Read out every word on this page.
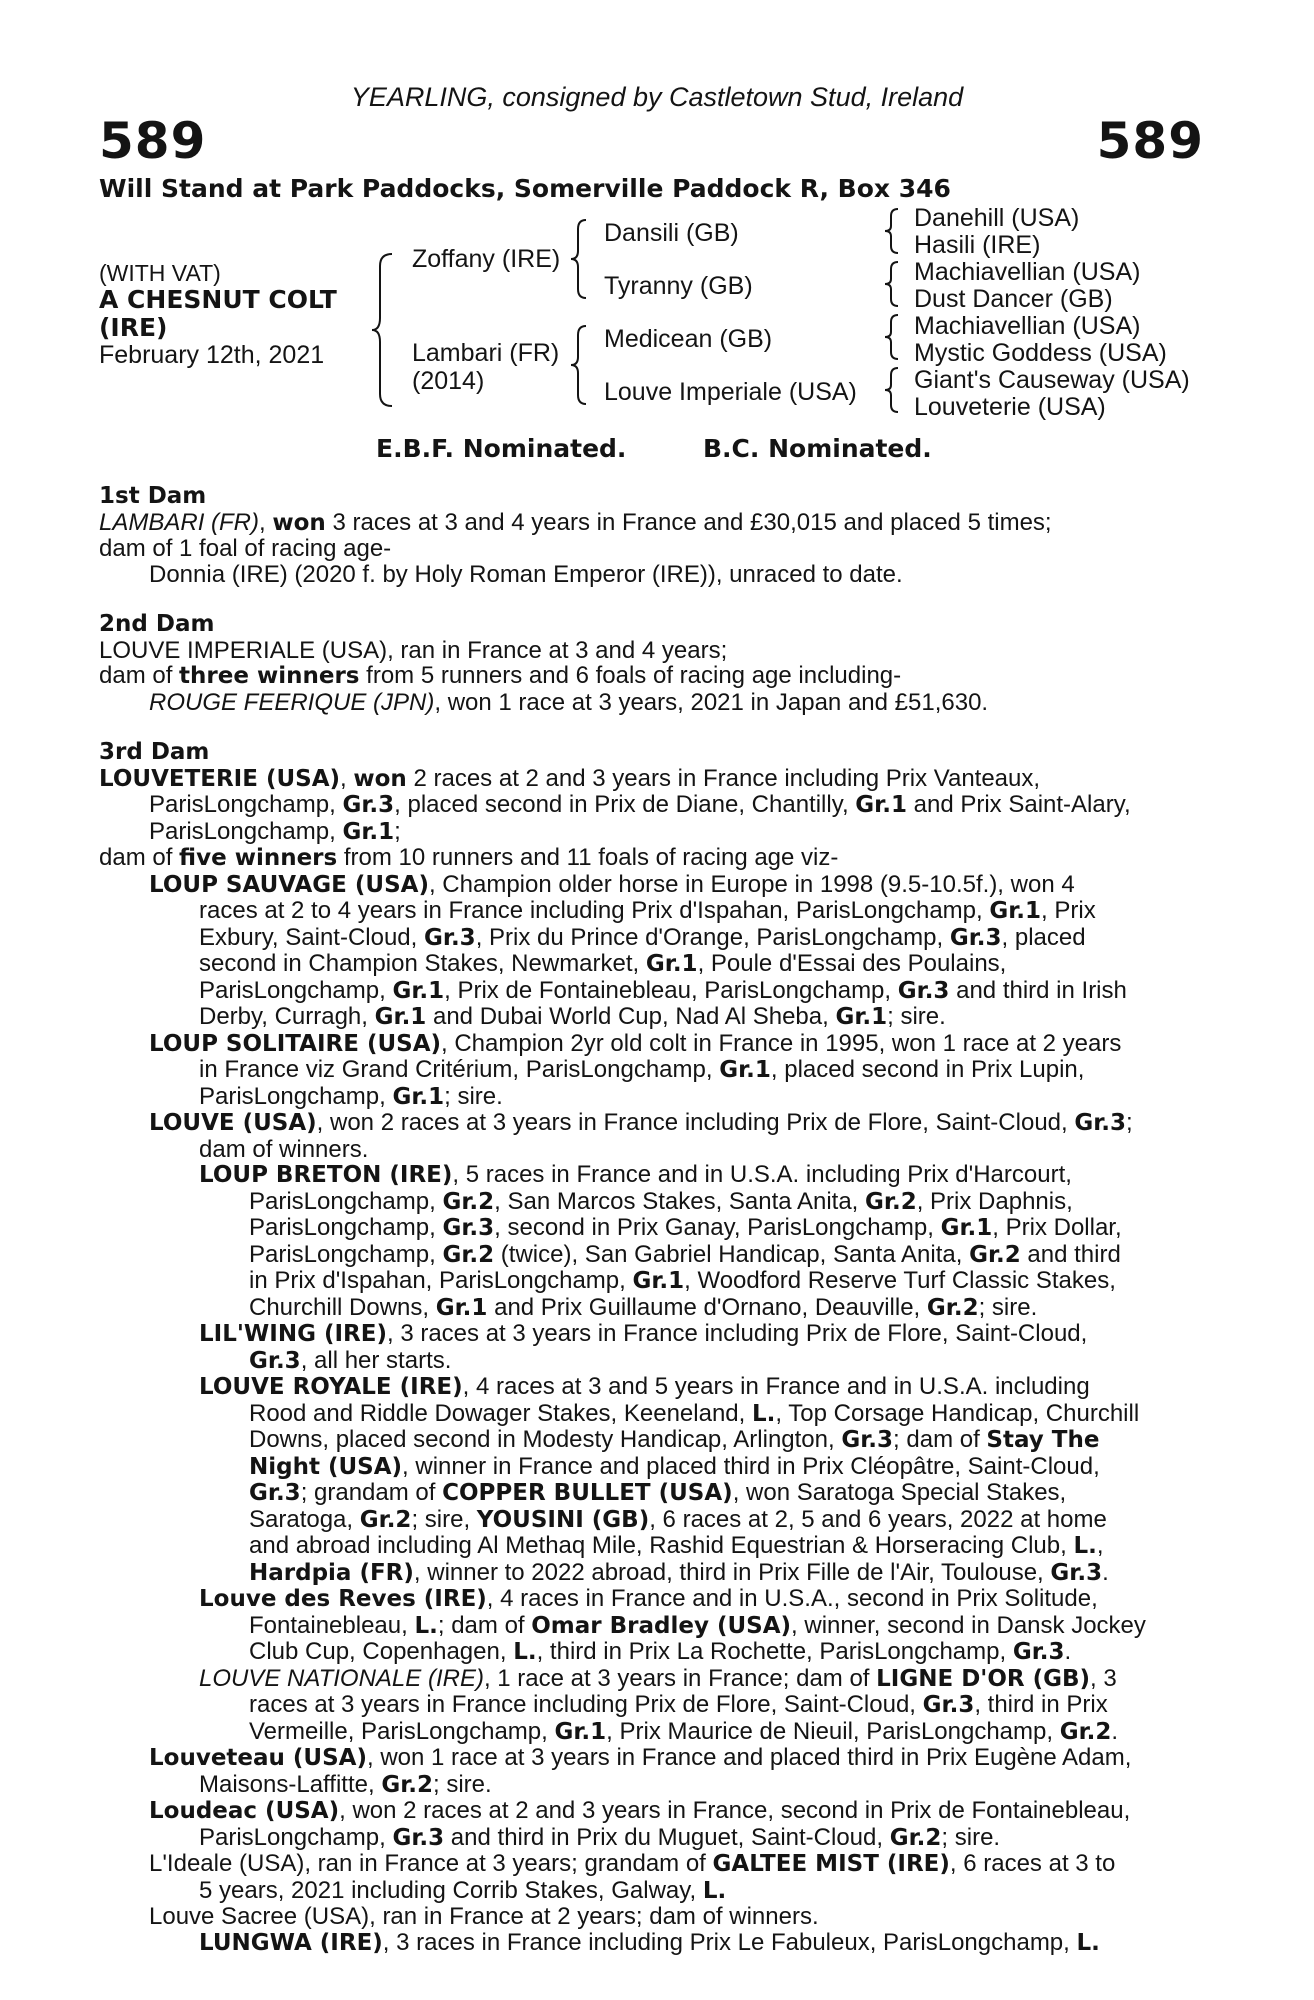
YEARLING, consigned by Castletown Stud, Ireland
589	589
Will Stand at Park Paddocks, Somerville Paddock R, Box 346
(WITH VAT)
A CHESNUT COLT
(IRE)
February 12th, 2021
Zoffany (IRE)
Lambari (FR)
(2014)
Dansili (GB)
Tyranny (GB)
Medicean (GB)
Louve Imperiale (USA)
Danehill (USA)
Hasili (IRE)
Machiavellian (USA)
Dust Dancer (GB)
Machiavellian (USA)
Mystic Goddess (USA)
Giant's Causeway (USA)
Louveterie (USA)
E.B.F. Nominated.	B.C. Nominated.
1st Dam
LAMBARI (FR), won 3 races at 3 and 4 years in France and £30,015 and placed 5 times;
dam of 1 foal of racing age-
Donnia (IRE) (2020 f. by Holy Roman Emperor (IRE)), unraced to date.
2nd Dam
LOUVE IMPERIALE (USA), ran in France at 3 and 4 years;
dam of three winners from 5 runners and 6 foals of racing age including-
ROUGE FEERIQUE (JPN), won 1 race at 3 years, 2021 in Japan and £51,630.
3rd Dam
LOUVETERIE (USA), won 2 races at 2 and 3 years in France including Prix Vanteaux,
ParisLongchamp, Gr.3, placed second in Prix de Diane, Chantilly, Gr.1 and Prix Saint-Alary,
ParisLongchamp, Gr.1;
dam of five winners from 10 runners and 11 foals of racing age viz-
LOUP SAUVAGE (USA), Champion older horse in Europe in 1998 (9.5-10.5f.), won 4
races at 2 to 4 years in France including Prix d'Ispahan, ParisLongchamp, Gr.1, Prix
Exbury, Saint-Cloud, Gr.3, Prix du Prince d'Orange, ParisLongchamp, Gr.3, placed
second in Champion Stakes, Newmarket, Gr.1, Poule d'Essai des Poulains,
ParisLongchamp, Gr.1, Prix de Fontainebleau, ParisLongchamp, Gr.3 and third in Irish
Derby, Curragh, Gr.1 and Dubai World Cup, Nad Al Sheba, Gr.1; sire.
LOUP SOLITAIRE (USA), Champion 2yr old colt in France in 1995, won 1 race at 2 years
in France viz Grand Critérium, ParisLongchamp, Gr.1, placed second in Prix Lupin,
ParisLongchamp, Gr.1; sire.
LOUVE (USA), won 2 races at 3 years in France including Prix de Flore, Saint-Cloud, Gr.3;
dam of winners.
LOUP BRETON (IRE), 5 races in France and in U.S.A. including Prix d'Harcourt,
ParisLongchamp, Gr.2, San Marcos Stakes, Santa Anita, Gr.2, Prix Daphnis,
ParisLongchamp, Gr.3, second in Prix Ganay, ParisLongchamp, Gr.1, Prix Dollar,
ParisLongchamp, Gr.2 (twice), San Gabriel Handicap, Santa Anita, Gr.2 and third
in Prix d'Ispahan, ParisLongchamp, Gr.1, Woodford Reserve Turf Classic Stakes,
Churchill Downs, Gr.1 and Prix Guillaume d'Ornano, Deauville, Gr.2; sire.
LIL'WING (IRE), 3 races at 3 years in France including Prix de Flore, Saint-Cloud,
Gr.3, all her starts.
LOUVE ROYALE (IRE), 4 races at 3 and 5 years in France and in U.S.A. including
Rood and Riddle Dowager Stakes, Keeneland, L., Top Corsage Handicap, Churchill
Downs, placed second in Modesty Handicap, Arlington, Gr.3; dam of Stay The
Night (USA), winner in France and placed third in Prix Cléopâtre, Saint-Cloud,
Gr.3; grandam of COPPER BULLET (USA), won Saratoga Special Stakes,
Saratoga, Gr.2; sire, YOUSINI (GB), 6 races at 2, 5 and 6 years, 2022 at home
and abroad including Al Methaq Mile, Rashid Equestrian & Horseracing Club, L.,
Hardpia (FR), winner to 2022 abroad, third in Prix Fille de l'Air, Toulouse, Gr.3.
Louve des Reves (IRE), 4 races in France and in U.S.A., second in Prix Solitude,
Fontainebleau, L.; dam of Omar Bradley (USA), winner, second in Dansk Jockey
Club Cup, Copenhagen, L., third in Prix La Rochette, ParisLongchamp, Gr.3.
LOUVE NATIONALE (IRE), 1 race at 3 years in France; dam of LIGNE D'OR (GB), 3
races at 3 years in France including Prix de Flore, Saint-Cloud, Gr.3, third in Prix
Vermeille, ParisLongchamp, Gr.1, Prix Maurice de Nieuil, ParisLongchamp, Gr.2.
Louveteau (USA), won 1 race at 3 years in France and placed third in Prix Eugène Adam,
Maisons-Laffitte, Gr.2; sire.
Loudeac (USA), won 2 races at 2 and 3 years in France, second in Prix de Fontainebleau,
ParisLongchamp, Gr.3 and third in Prix du Muguet, Saint-Cloud, Gr.2; sire.
L'Ideale (USA), ran in France at 3 years; grandam of GALTEE MIST (IRE), 6 races at 3 to
5 years, 2021 including Corrib Stakes, Galway, L.
Louve Sacree (USA), ran in France at 2 years; dam of winners.
LUNGWA (IRE), 3 races in France including Prix Le Fabuleux, ParisLongchamp, L.
